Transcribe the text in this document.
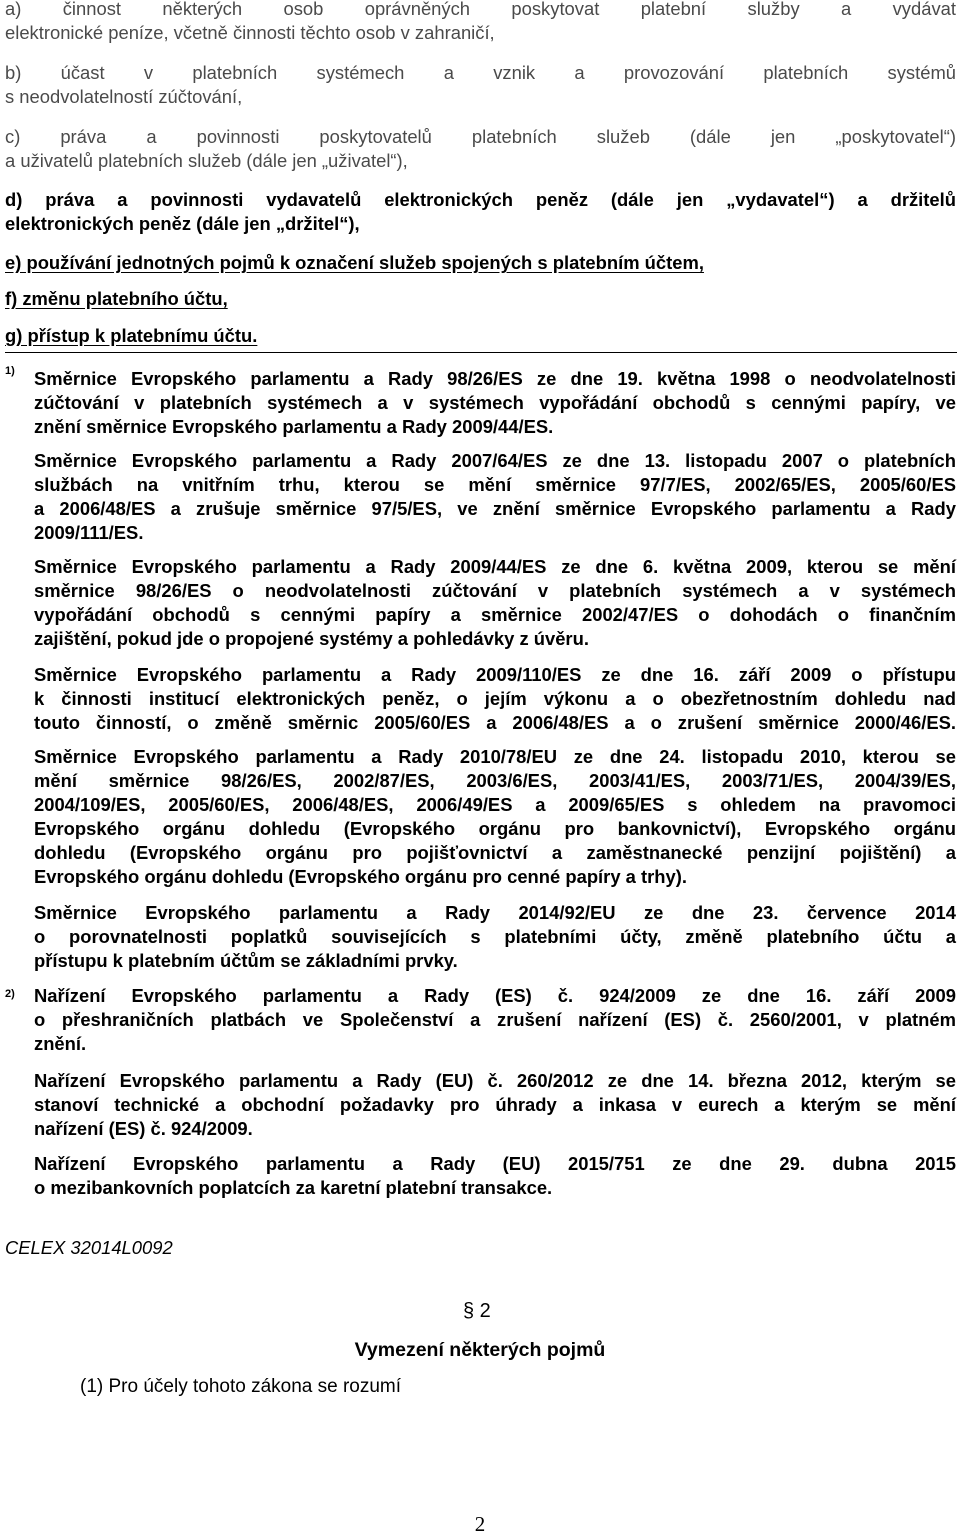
a) činnost některých osob oprávněných poskytovat platební služby a vydávat
elektronické peníze, včetně činnosti těchto osob v zahraničí,
b) účast v platebních systémech a vznik a provozování platebních systémů
s neodvolatelností zúčtování,
c) práva a povinnosti poskytovatelů platebních služeb (dále jen „poskytovatel“)
a uživatelů platebních služeb (dále jen „uživatel“),
d) práva a povinnosti vydavatelů elektronických peněz (dále jen „vydavatel“) a držitelů
elektronických peněz (dále jen „držitel“),
e) používání jednotných pojmů k označení služeb spojených s platebním účtem,
f) změnu platebního účtu,
g) přístup k platebnímu účtu.
1) Směrnice Evropského parlamentu a Rady 98/26/ES ze dne 19. května 1998 o neodvolatelnosti
zúčtování v platebních systémech a v systémech vypořádání obchodů s cennými papíry, ve
znění směrnice Evropského parlamentu a Rady 2009/44/ES.
Směrnice Evropského parlamentu a Rady 2007/64/ES ze dne 13. listopadu 2007 o platebních
službách na vnitřním trhu, kterou se mění směrnice 97/7/ES, 2002/65/ES, 2005/60/ES
a 2006/48/ES a zrušuje směrnice 97/5/ES, ve znění směrnice Evropského parlamentu a Rady
2009/111/ES.
Směrnice Evropského parlamentu a Rady 2009/44/ES ze dne 6. května 2009, kterou se mění
směrnice 98/26/ES o neodvolatelnosti zúčtování v platebních systémech a v systémech
vypořádání obchodů s cennými papíry a směrnice 2002/47/ES o dohodách o finančním
zajištění, pokud jde o propojené systémy a pohledávky z úvěru.
Směrnice Evropského parlamentu a Rady 2009/110/ES ze dne 16. září 2009 o přístupu
k činnosti institucí elektronických peněz, o jejím výkonu a o obezřetnostním dohledu nad
touto činností, o změně směrnic 2005/60/ES a 2006/48/ES a o zrušení směrnice 2000/46/ES.
Směrnice Evropského parlamentu a Rady 2010/78/EU ze dne 24. listopadu 2010, kterou se
mění směrnice 98/26/ES, 2002/87/ES, 2003/6/ES, 2003/41/ES, 2003/71/ES, 2004/39/ES,
2004/109/ES, 2005/60/ES, 2006/48/ES, 2006/49/ES a 2009/65/ES s ohledem na pravomoci
Evropského orgánu dohledu (Evropského orgánu pro bankovnictví), Evropského orgánu
dohledu (Evropského orgánu pro pojišťovnictví a zaměstnanecké penzijní pojištění) a
Evropského orgánu dohledu (Evropského orgánu pro cenné papíry a trhy).
Směrnice Evropského parlamentu a Rady 2014/92/EU ze dne 23. července 2014
o porovnatelnosti poplatků souvisejících s platebními účty, změně platebního účtu a
přístupu k platebním účtům se základními prvky.
2) Nařízení Evropského parlamentu a Rady (ES) č. 924/2009 ze dne 16. září 2009
o přeshraničních platbách ve Společenství a zrušení nařízení (ES) č. 2560/2001, v platném
znění.
Nařízení Evropského parlamentu a Rady (EU) č. 260/2012 ze dne 14. března 2012, kterým se
stanoví technické a obchodní požadavky pro úhrady a inkasa v eurech a kterým se mění
nařízení (ES) č. 924/2009.
Nařízení Evropského parlamentu a Rady (EU) 2015/751 ze dne 29. dubna 2015
o mezibankovních poplatcích za karetní platební transakce.
CELEX 32014L0092
§ 2
Vymezení některých pojmů
(1) Pro účely tohoto zákona se rozumí
2
